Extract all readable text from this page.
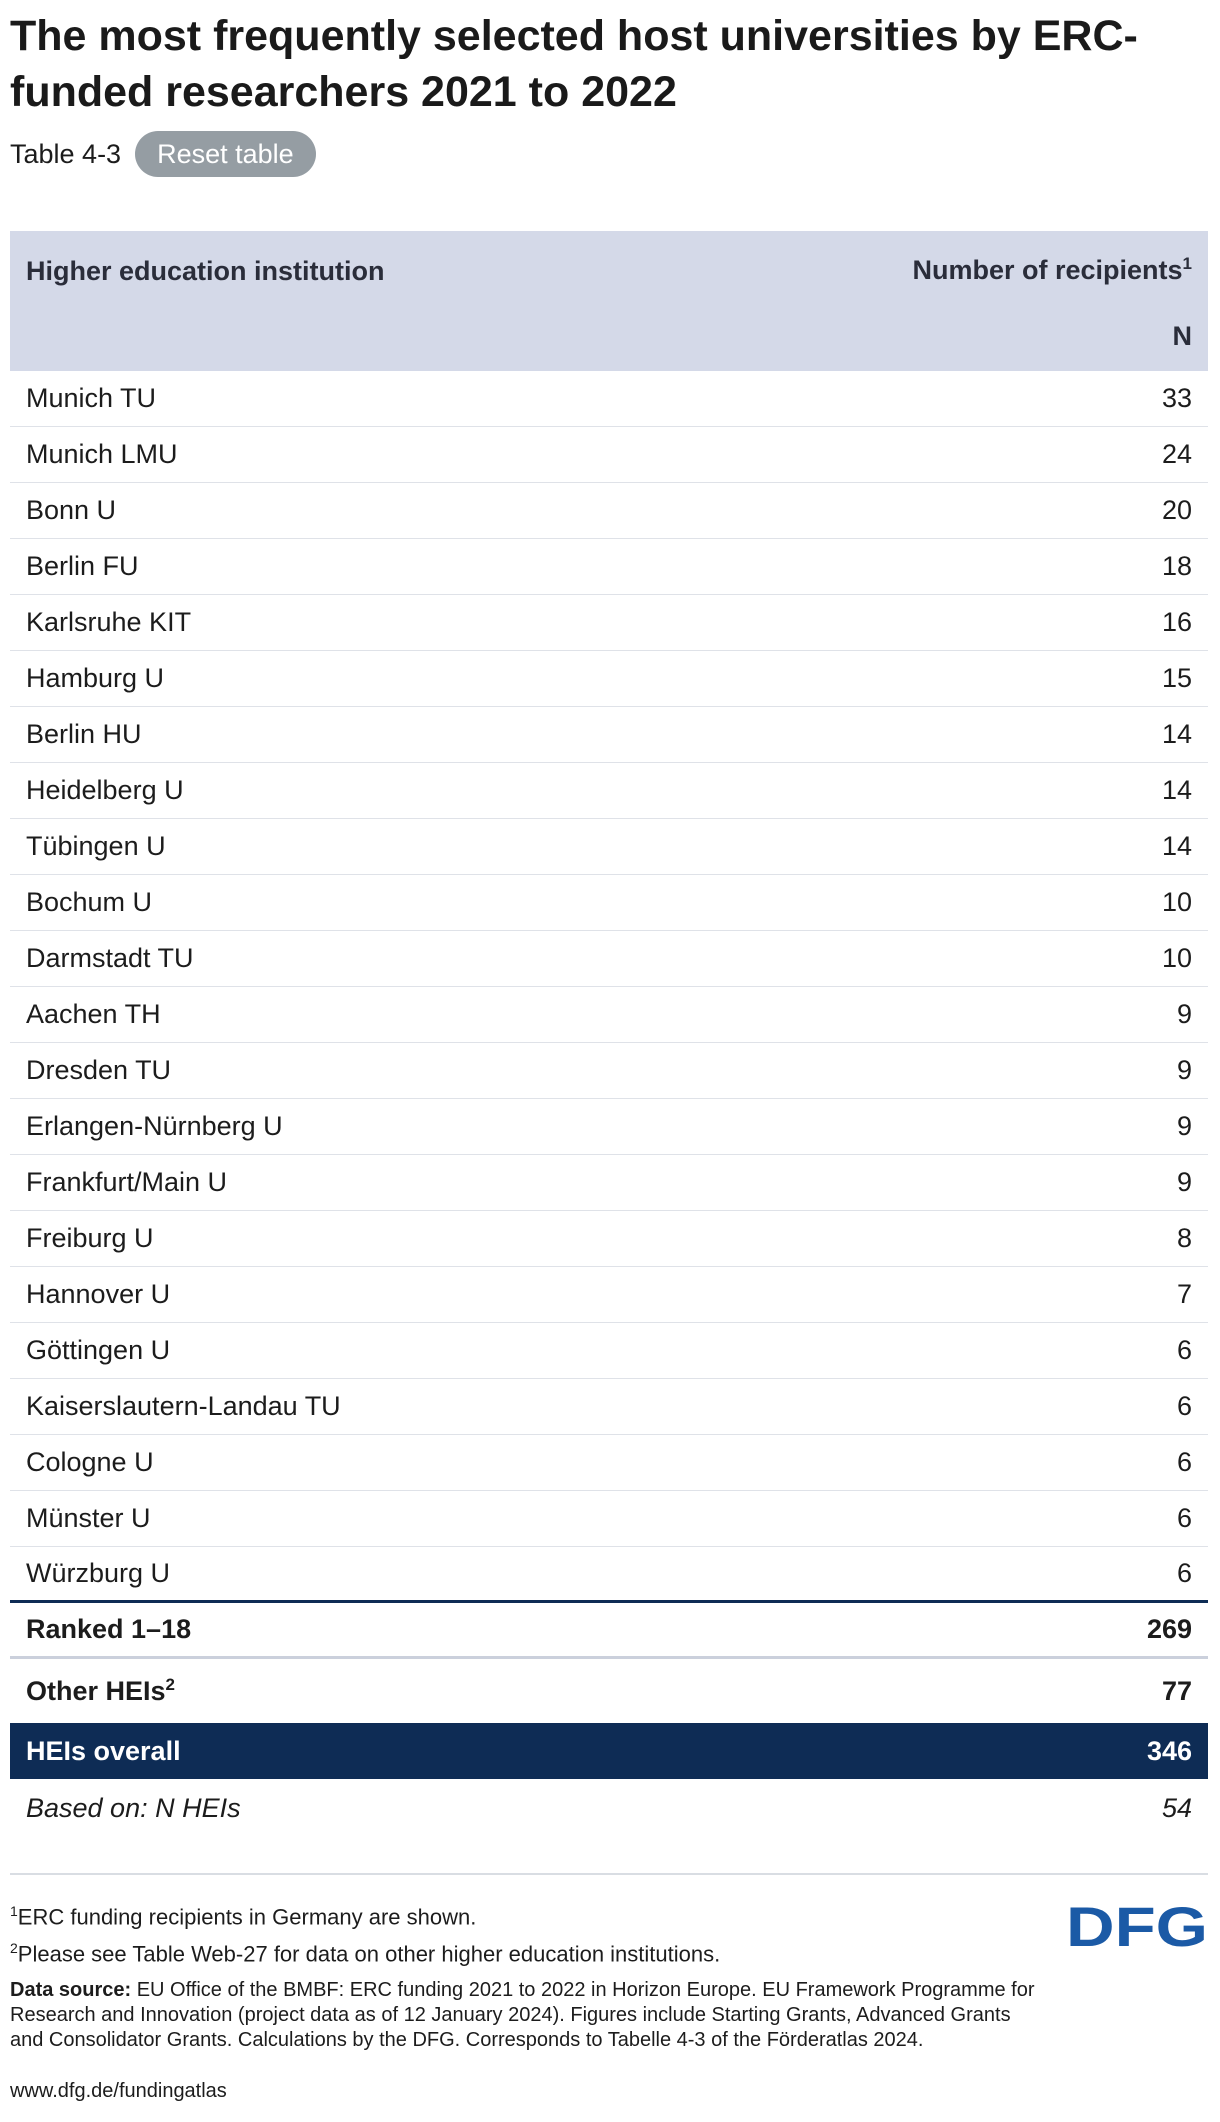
The most frequently selected host universities by ERC-funded researchers 2021 to 2022
Table 4-3	Reset table
Higher education institution	Number of recipients$^1$
N
Munich TU	33
Munich LMU	24
Bonn U	20
Berlin FU	18
Karlsruhe KIT	16
Hamburg U	15
Berlin HU	14
Heidelberg U	14
Tübingen U	14
Bochum U	10
Darmstadt TU	10
Aachen TH	9
Dresden TU	9
Erlangen-Nürnberg U	9
Frankfurt/Main U	9
Freiburg U	8
Hannover U	7
Göttingen U	6
Kaiserslautern-Landau TU	6
Cologne U	6
Münster U	6
Würzburg U	6
Ranked 1–18	269
Other HEIs$^2$	77
HEIs overall	346
Based on: N HEIs	54
$^1$ERC funding recipients in Germany are shown.
$^2$Please see Table Web-27 for data on other higher education institutions.
Data source: EU Office of the BMBF: ERC funding 2021 to 2022 in Horizon Europe. EU Framework Programme for Research and Innovation (project data as of 12 January 2024). Figures include Starting Grants, Advanced Grants and Consolidator Grants. Calculations by the DFG. Corresponds to Tabelle 4-3 of the Förderatlas 2024.
www.dfg.de/fundingatlas
DFG
